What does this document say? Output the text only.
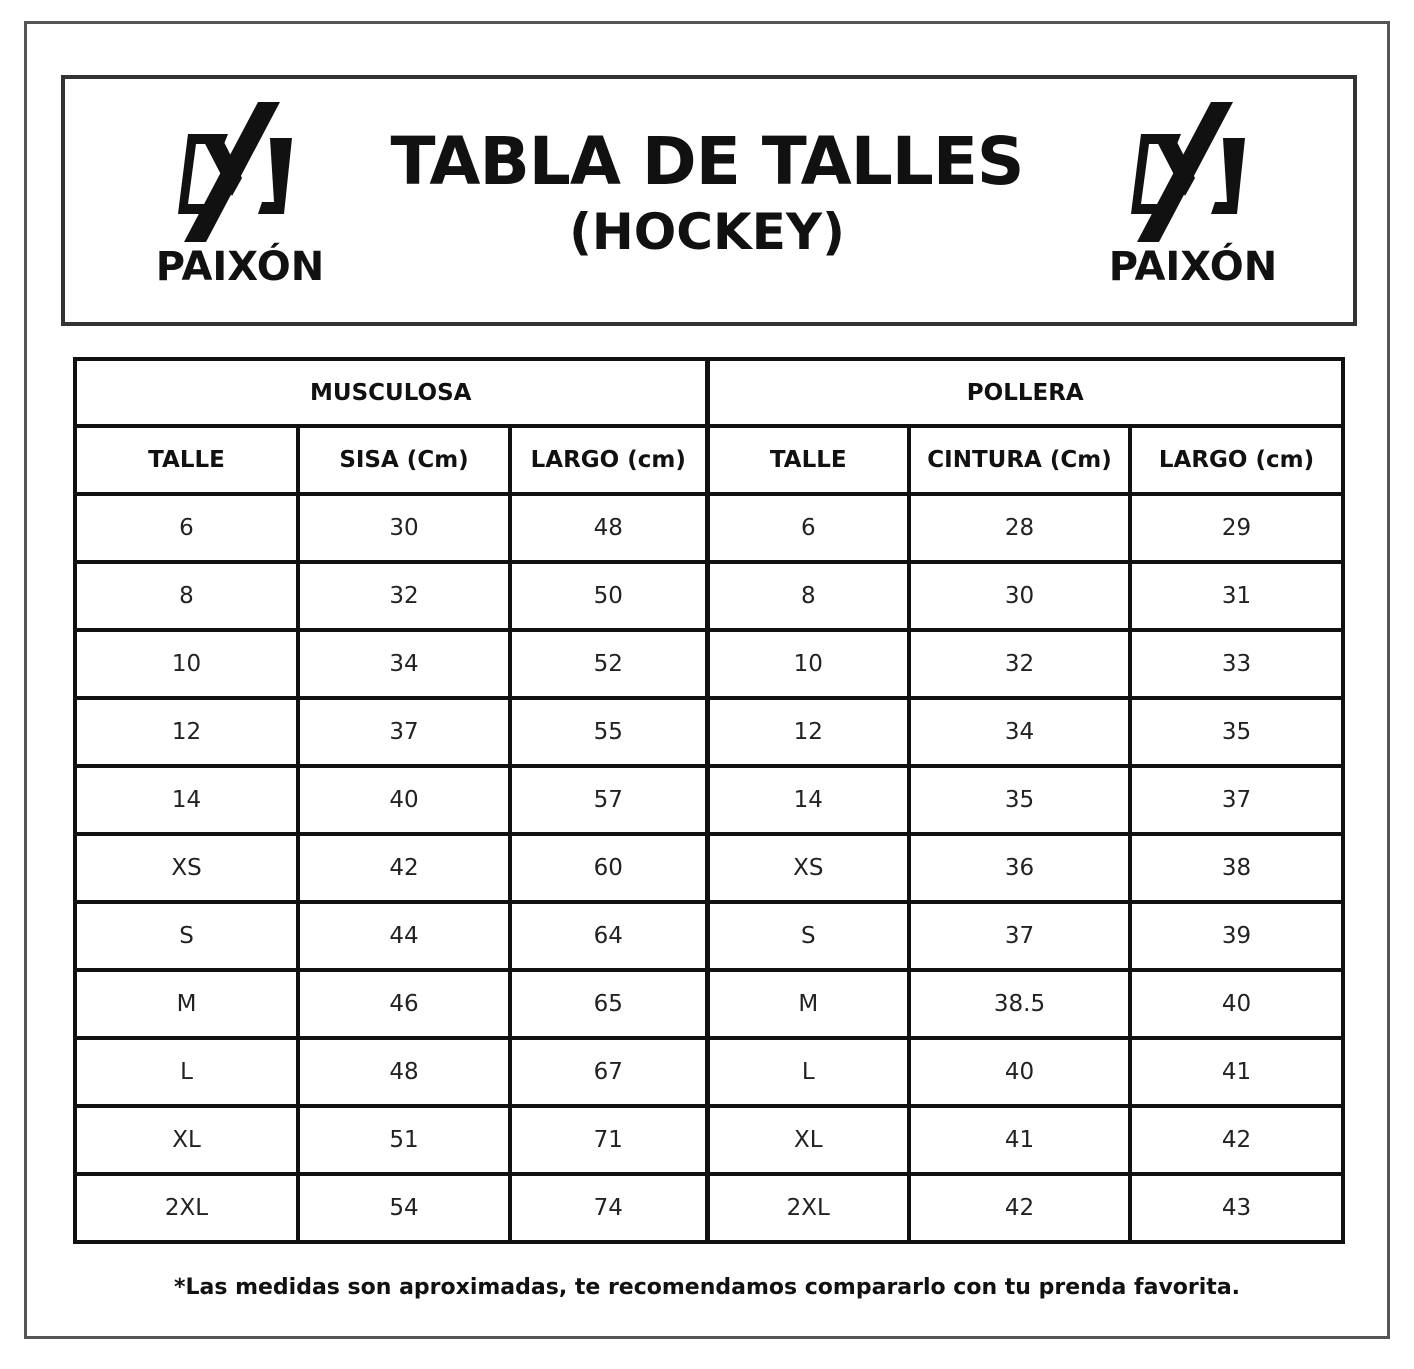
PAIXÓN
TABLA DE TALLES
(HOCKEY)
PAIXÓN
MUSCULOSA			POLLERA		
TALLE	SISA (Cm)	LARGO (cm)	TALLE	CINTURA (Cm)	LARGO (cm)
6	30	48	6	28	29
8	32	50	8	30	31
10	34	52	10	32	33
12	37	55	12	34	35
14	40	57	14	35	37
XS	42	60	XS	36	38
S	44	64	S	37	39
M	46	65	M	38.5	40
L	48	67	L	40	41
XL	51	71	XL	41	42
2XL	54	74	2XL	42	43
*Las medidas son aproximadas, te recomendamos compararlo con tu prenda favorita.
